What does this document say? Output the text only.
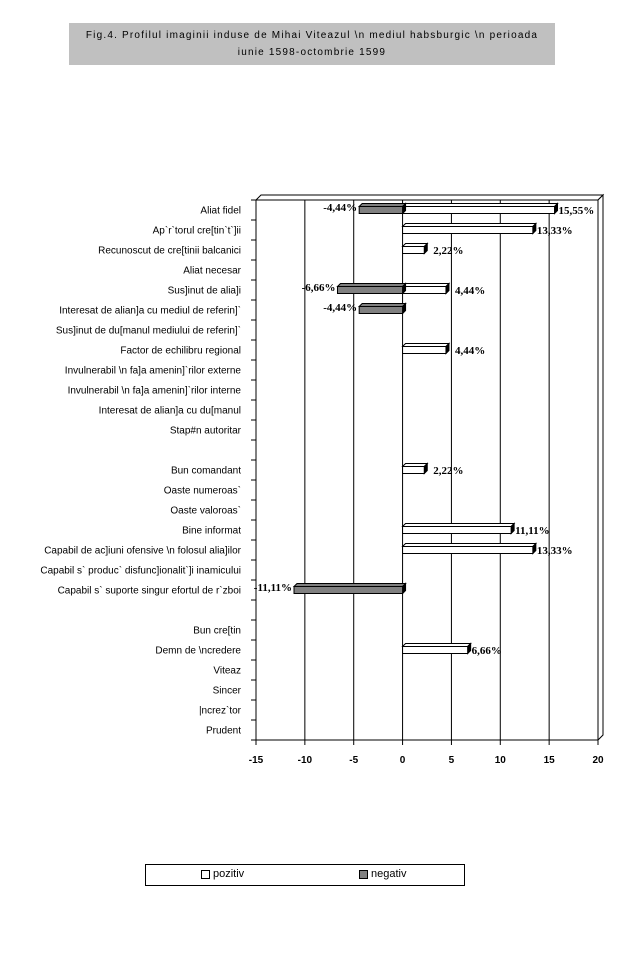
Fig.4. Profilul imaginii induse de Mihai Viteazul \n mediul habsburgic \n perioada iunie 1598-octombrie 1599
Aliat fidel
Ap`r`torul cre[tin`t`]ii
Recunoscut de cre[tinii balcanici
Aliat necesar
Sus]inut de alia]i
Interesat de alian]a cu mediul de referin]`
Sus]inut de du[manul mediului de referin]`
Factor de echilibru regional
Invulnerabil \n fa]a amenin]`rilor externe
Invulnerabil \n fa]a amenin]`rilor interne
Interesat de alian]a cu du[manul
Stap#n autoritar
Bun comandant
Oaste numeroas`
Oaste valoroas`
Bine informat
Capabil de ac]iuni ofensive \n folosul alia]ilor
Capabil s` produc` disfunc]ionalit`]i inamicului
Capabil s` suporte singur efortul de r`zboi
Bun cre[tin
Demn de \ncredere
Viteaz
Sincer
|ncrez`tor
Prudent
-15	-10	-5	0	5	10	15	20
-4,44%	15,55%
13,33%
2,22%
-6,66%	4,44%
-4,44%
4,44%
2,22%
11,11%
13,33%
-11,11%
6,66%
pozitiv	negativ
